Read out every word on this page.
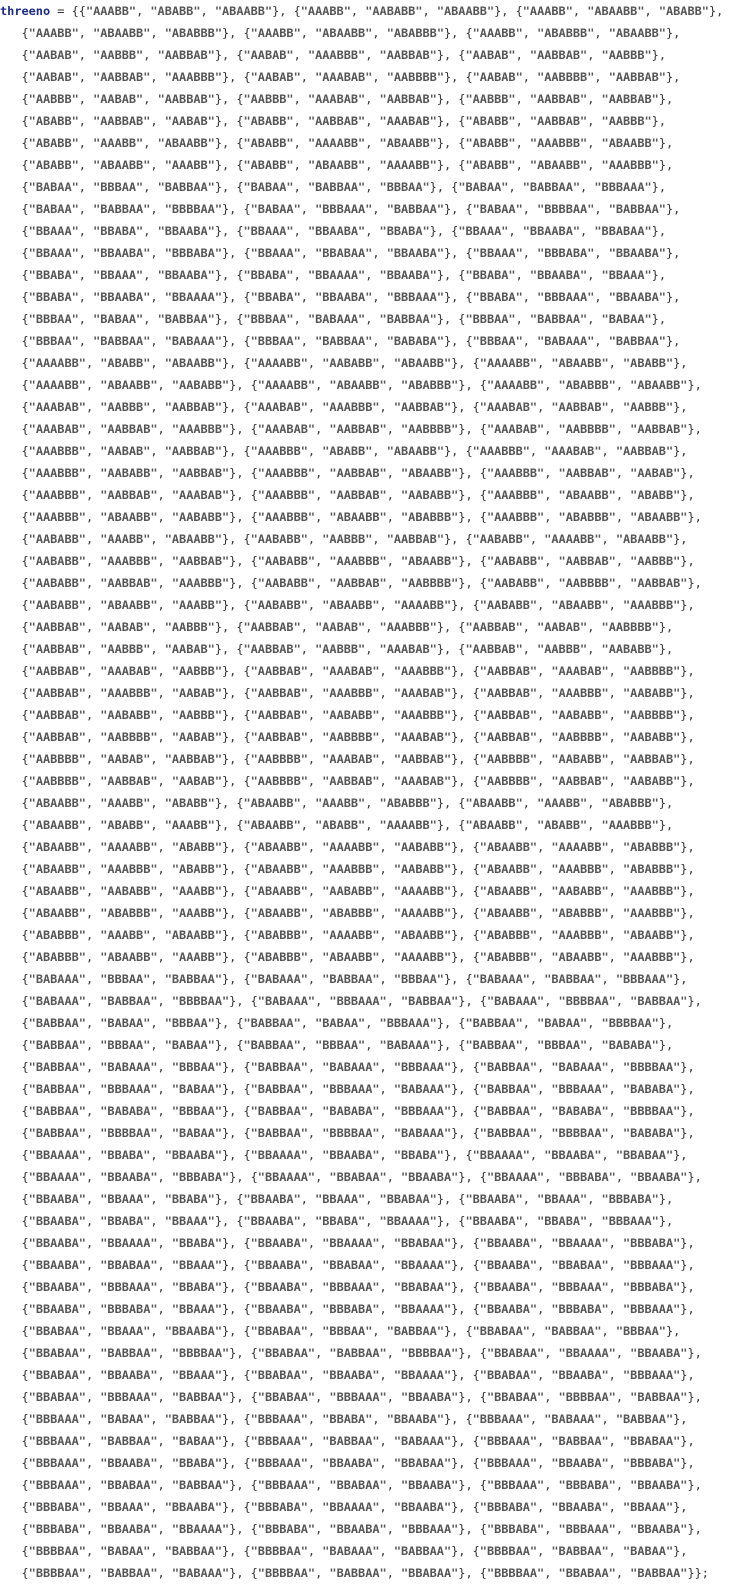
threeno = {{"AAABB", "ABABB", "ABAABB"}, {"AAABB", "AABABB", "ABAABB"}, {"AAABB", "ABAABB", "ABABB"},
{"AAABB", "ABAABB", "ABABBB"}, {"AAABB", "ABAABB", "ABABBB"}, {"AAABB", "ABABBB", "ABAABB"},
{"AABAB", "AABBB", "AABBAB"}, {"AABAB", "AAABBB", "AABBAB"}, {"AABAB", "AABBAB", "AABBB"},
{"AABAB", "AABBAB", "AAABBB"}, {"AABAB", "AAABAB", "AABBBB"}, {"AABAB", "AABBBB", "AABBAB"},
{"AABBB", "AABAB", "AABBAB"}, {"AABBB", "AAABAB", "AABBAB"}, {"AABBB", "AABBAB", "AABBAB"},
{"ABABB", "AABBAB", "AABAB"}, {"ABABB", "AABBAB", "AAABAB"}, {"ABABB", "AABBAB", "AABBB"},
{"ABABB", "AAABB", "ABAABB"}, {"ABABB", "AAAABB", "ABAABB"}, {"ABABB", "AAABBB", "ABAABB"},
{"ABABB", "ABAABB", "AAABB"}, {"ABABB", "ABAABB", "AAAABB"}, {"ABABB", "ABAABB", "AAABBB"},
{"BABAA", "BBBAA", "BABBAA"}, {"BABAA", "BABBAA", "BBBAA"}, {"BABAA", "BABBAA", "BBBAAA"},
{"BABAA", "BABBAA", "BBBBAA"}, {"BABAA", "BBBAAA", "BABBAA"}, {"BABAA", "BBBBAA", "BABBAA"},
{"BBAAA", "BBABA", "BBAABA"}, {"BBAAA", "BBAABA", "BBABA"}, {"BBAAA", "BBAABA", "BBABAA"},
{"BBAAA", "BBAABA", "BBBABA"}, {"BBAAA", "BBABAA", "BBAABA"}, {"BBAAA", "BBBABA", "BBAABA"},
{"BBABA", "BBAAA", "BBAABA"}, {"BBABA", "BBAAAA", "BBAABA"}, {"BBABA", "BBAABA", "BBAAA"},
{"BBABA", "BBAABA", "BBAAAA"}, {"BBABA", "BBAABA", "BBBAAA"}, {"BBABA", "BBBAAA", "BBAABA"},
{"BBBAA", "BABAA", "BABBAA"}, {"BBBAA", "BABAAA", "BABBAA"}, {"BBBAA", "BABBAA", "BABAA"},
{"BBBAA", "BABBAA", "BABAAA"}, {"BBBAA", "BABBAA", "BABABA"}, {"BBBAA", "BABAAA", "BABBAA"},
{"AAAABB", "ABABB", "ABAABB"}, {"AAAABB", "AABABB", "ABAABB"}, {"AAAABB", "ABAABB", "ABABB"},
{"AAAABB", "ABAABB", "AABABB"}, {"AAAABB", "ABAABB", "ABABBB"}, {"AAAABB", "ABABBB", "ABAABB"},
{"AAABAB", "AABBB", "AABBAB"}, {"AAABAB", "AAABBB", "AABBAB"}, {"AAABAB", "AABBAB", "AABBB"},
{"AAABAB", "AABBAB", "AAABBB"}, {"AAABAB", "AABBAB", "AABBBB"}, {"AAABAB", "AABBBB", "AABBAB"},
{"AAABBB", "AABAB", "AABBAB"}, {"AAABBB", "ABABB", "ABAABB"}, {"AAABBB", "AAABAB", "AABBAB"},
{"AAABBB", "AABABB", "AABBAB"}, {"AAABBB", "AABBAB", "ABAABB"}, {"AAABBB", "AABBAB", "AABAB"},
{"AAABBB", "AABBAB", "AAABAB"}, {"AAABBB", "AABBAB", "AABABB"}, {"AAABBB", "ABAABB", "ABABB"},
{"AAABBB", "ABAABB", "AABABB"}, {"AAABBB", "ABAABB", "ABABBB"}, {"AAABBB", "ABABBB", "ABAABB"},
{"AABABB", "AAABB", "ABAABB"}, {"AABABB", "AABBB", "AABBAB"}, {"AABABB", "AAAABB", "ABAABB"},
{"AABABB", "AAABBB", "AABBAB"}, {"AABABB", "AAABBB", "ABAABB"}, {"AABABB", "AABBAB", "AABBB"},
{"AABABB", "AABBAB", "AAABBB"}, {"AABABB", "AABBAB", "AABBBB"}, {"AABABB", "AABBBB", "AABBAB"},
{"AABABB", "ABAABB", "AAABB"}, {"AABABB", "ABAABB", "AAAABB"}, {"AABABB", "ABAABB", "AAABBB"},
{"AABBAB", "AABAB", "AABBB"}, {"AABBAB", "AABAB", "AAABBB"}, {"AABBAB", "AABAB", "AABBBB"},
{"AABBAB", "AABBB", "AABAB"}, {"AABBAB", "AABBB", "AAABAB"}, {"AABBAB", "AABBB", "AABABB"},
{"AABBAB", "AAABAB", "AABBB"}, {"AABBAB", "AAABAB", "AAABBB"}, {"AABBAB", "AAABAB", "AABBBB"},
{"AABBAB", "AAABBB", "AABAB"}, {"AABBAB", "AAABBB", "AAABAB"}, {"AABBAB", "AAABBB", "AABABB"},
{"AABBAB", "AABABB", "AABBB"}, {"AABBAB", "AABABB", "AAABBB"}, {"AABBAB", "AABABB", "AABBBB"},
{"AABBAB", "AABBBB", "AABAB"}, {"AABBAB", "AABBBB", "AAABAB"}, {"AABBAB", "AABBBB", "AABABB"},
{"AABBBB", "AABAB", "AABBAB"}, {"AABBBB", "AAABAB", "AABBAB"}, {"AABBBB", "AABABB", "AABBAB"},
{"AABBBB", "AABBAB", "AABAB"}, {"AABBBB", "AABBAB", "AAABAB"}, {"AABBBB", "AABBAB", "AABABB"},
{"ABAABB", "AAABB", "ABABB"}, {"ABAABB", "AAABB", "ABABBB"}, {"ABAABB", "AAABB", "ABABBB"},
{"ABAABB", "ABABB", "AAABB"}, {"ABAABB", "ABABB", "AAAABB"}, {"ABAABB", "ABABB", "AAABBB"},
{"ABAABB", "AAAABB", "ABABB"}, {"ABAABB", "AAAABB", "AABABB"}, {"ABAABB", "AAAABB", "ABABBB"},
{"ABAABB", "AAABBB", "ABABB"}, {"ABAABB", "AAABBB", "AABABB"}, {"ABAABB", "AAABBB", "ABABBB"},
{"ABAABB", "AABABB", "AAABB"}, {"ABAABB", "AABABB", "AAAABB"}, {"ABAABB", "AABABB", "AAABBB"},
{"ABAABB", "ABABBB", "AAABB"}, {"ABAABB", "ABABBB", "AAAABB"}, {"ABAABB", "ABABBB", "AAABBB"},
{"ABABBB", "AAABB", "ABAABB"}, {"ABABBB", "AAAABB", "ABAABB"}, {"ABABBB", "AAABBB", "ABAABB"},
{"ABABBB", "ABAABB", "AAABB"}, {"ABABBB", "ABAABB", "AAAABB"}, {"ABABBB", "ABAABB", "AAABBB"},
{"BABAAA", "BBBAA", "BABBAA"}, {"BABAAA", "BABBAA", "BBBAA"}, {"BABAAA", "BABBAA", "BBBAAA"},
{"BABAAA", "BABBAA", "BBBBAA"}, {"BABAAA", "BBBAAA", "BABBAA"}, {"BABAAA", "BBBBAA", "BABBAA"},
{"BABBAA", "BABAA", "BBBAA"}, {"BABBAA", "BABAA", "BBBAAA"}, {"BABBAA", "BABAA", "BBBBAA"},
{"BABBAA", "BBBAA", "BABAA"}, {"BABBAA", "BBBAA", "BABAAA"}, {"BABBAA", "BBBAA", "BABABA"},
{"BABBAA", "BABAAA", "BBBAA"}, {"BABBAA", "BABAAA", "BBBAAA"}, {"BABBAA", "BABAAA", "BBBBAA"},
{"BABBAA", "BBBAAA", "BABAA"}, {"BABBAA", "BBBAAA", "BABAAA"}, {"BABBAA", "BBBAAA", "BABABA"},
{"BABBAA", "BABABA", "BBBAA"}, {"BABBAA", "BABABA", "BBBAAA"}, {"BABBAA", "BABABA", "BBBBAA"},
{"BABBAA", "BBBBAA", "BABAA"}, {"BABBAA", "BBBBAA", "BABAAA"}, {"BABBAA", "BBBBAA", "BABABA"},
{"BBAAAA", "BBABA", "BBAABA"}, {"BBAAAA", "BBAABA", "BBABA"}, {"BBAAAA", "BBAABA", "BBABAA"},
{"BBAAAA", "BBAABA", "BBBABA"}, {"BBAAAA", "BBABAA", "BBAABA"}, {"BBAAAA", "BBBABA", "BBAABA"},
{"BBAABA", "BBAAA", "BBABA"}, {"BBAABA", "BBAAA", "BBABAA"}, {"BBAABA", "BBAAA", "BBBABA"},
{"BBAABA", "BBABA", "BBAAA"}, {"BBAABA", "BBABA", "BBAAAA"}, {"BBAABA", "BBABA", "BBBAAA"},
{"BBAABA", "BBAAAA", "BBABA"}, {"BBAABA", "BBAAAA", "BBABAA"}, {"BBAABA", "BBAAAA", "BBBABA"},
{"BBAABA", "BBABAA", "BBAAA"}, {"BBAABA", "BBABAA", "BBAAAA"}, {"BBAABA", "BBABAA", "BBBAAA"},
{"BBAABA", "BBBAAA", "BBABA"}, {"BBAABA", "BBBAAA", "BBABAA"}, {"BBAABA", "BBBAAA", "BBBABA"},
{"BBAABA", "BBBABA", "BBAAA"}, {"BBAABA", "BBBABA", "BBAAAA"}, {"BBAABA", "BBBABA", "BBBAAA"},
{"BBABAA", "BBAAA", "BBAABA"}, {"BBABAA", "BBBAA", "BABBAA"}, {"BBABAA", "BABBAA", "BBBAA"},
{"BBABAA", "BABBAA", "BBBBAA"}, {"BBABAA", "BABBAA", "BBBBAA"}, {"BBABAA", "BBAAAA", "BBAABA"},
{"BBABAA", "BBAABA", "BBAAA"}, {"BBABAA", "BBAABA", "BBAAAA"}, {"BBABAA", "BBAABA", "BBBAAA"},
{"BBABAA", "BBBAAA", "BABBAA"}, {"BBABAA", "BBBAAA", "BBAABA"}, {"BBABAA", "BBBBAA", "BABBAA"},
{"BBBAAA", "BABAA", "BABBAA"}, {"BBBAAA", "BBABA", "BBAABA"}, {"BBBAAA", "BABAAA", "BABBAA"},
{"BBBAAA", "BABBAA", "BABAA"}, {"BBBAAA", "BABBAA", "BABAAA"}, {"BBBAAA", "BABBAA", "BBABAA"},
{"BBBAAA", "BBAABA", "BBABA"}, {"BBBAAA", "BBAABA", "BBABAA"}, {"BBBAAA", "BBAABA", "BBBABA"},
{"BBBAAA", "BBABAA", "BABBAA"}, {"BBBAAA", "BBABAA", "BBAABA"}, {"BBBAAA", "BBBABA", "BBAABA"},
{"BBBABA", "BBAAA", "BBAABA"}, {"BBBABA", "BBAAAA", "BBAABA"}, {"BBBABA", "BBAABA", "BBAAA"},
{"BBBABA", "BBAABA", "BBAAAA"}, {"BBBABA", "BBAABA", "BBBAAA"}, {"BBBABA", "BBBAAA", "BBAABA"},
{"BBBBAA", "BABAA", "BABBAA"}, {"BBBBAA", "BABAAA", "BABBAA"}, {"BBBBAA", "BABBAA", "BABAA"},
{"BBBBAA", "BABBAA", "BABAAA"}, {"BBBBAA", "BABBAA", "BBABAA"}, {"BBBBAA", "BBABAA", "BABBAA"}};
